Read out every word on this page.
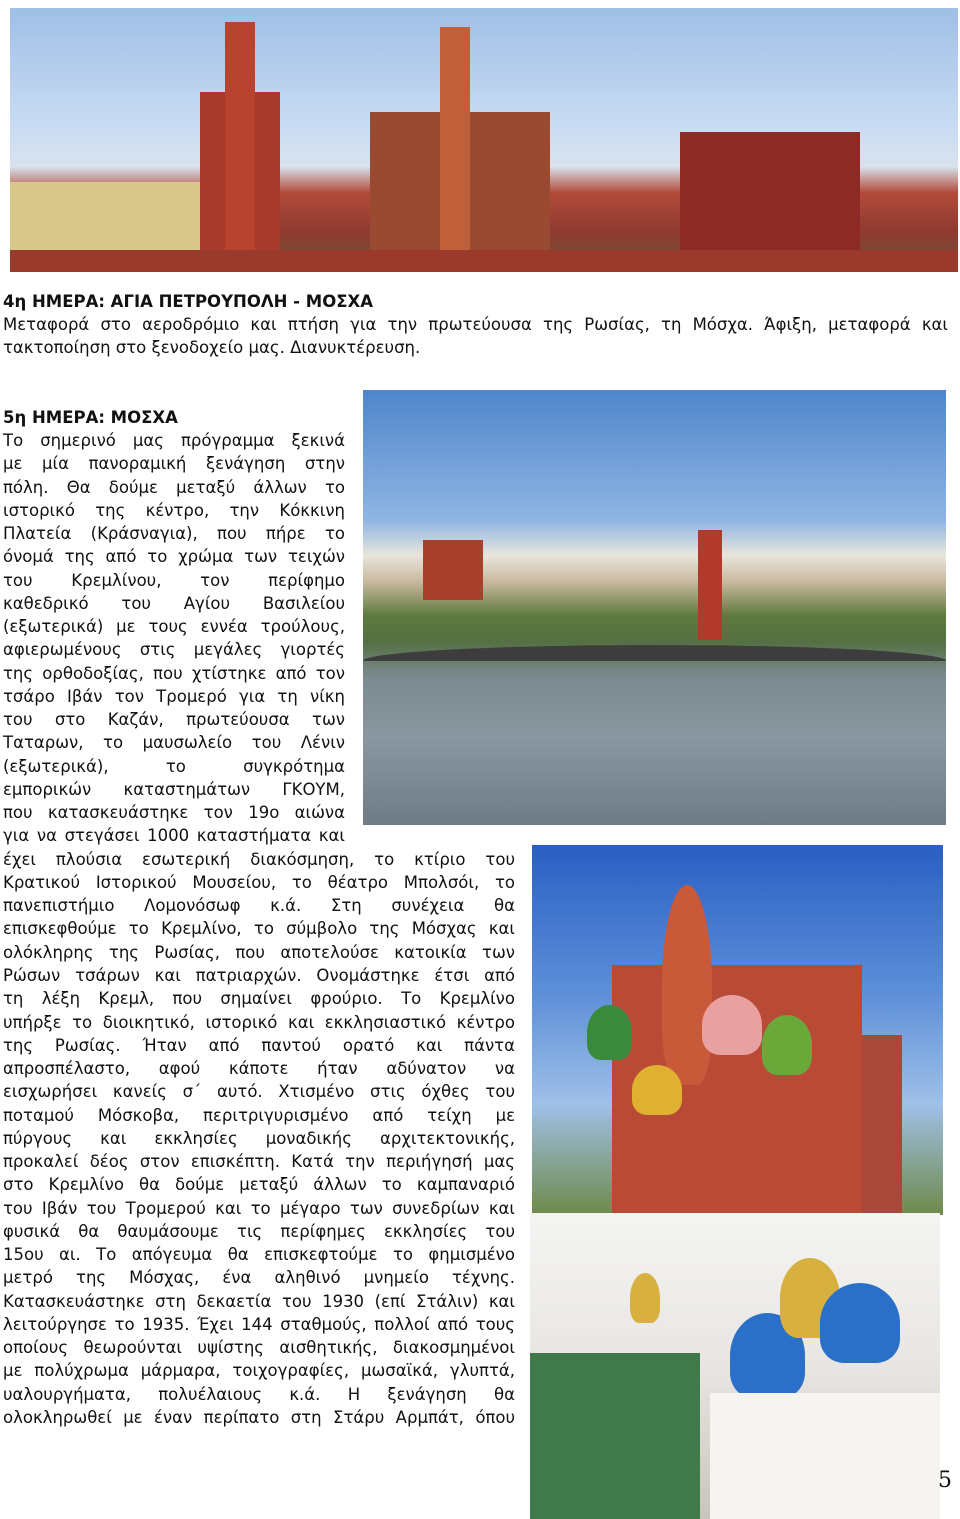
4η ΗΜΕΡΑ: ΑΓΙΑ ΠΕΤΡΟΥΠΟΛΗ - ΜΟΣΧΑ
Μεταφορά στο αεροδρόμιο και πτήση για την πρωτεύουσα της Ρωσίας, τη Μόσχα. Άφιξη, μεταφορά και
τακτοποίηση στο ξενοδοχείο μας. Διανυκτέρευση.
5η ΗΜΕΡΑ: ΜΟΣΧΑ
Το σημερινό μας πρόγραμμα ξεκινά
με μία πανοραμική ξενάγηση στην
πόλη. Θα δούμε μεταξύ άλλων το
ιστορικό της κέντρο, την Κόκκινη
Πλατεία (Κράσναγια), που πήρε το
όνομά της από το χρώμα των τειχών
του Κρεμλίνου, τον περίφημο
καθεδρικό του Αγίου Βασιλείου
(εξωτερικά) με τους εννέα τρούλους,
αφιερωμένους στις μεγάλες γιορτές
της ορθοδοξίας, που χτίστηκε από τον
τσάρο Ιβάν τον Τρομερό για τη νίκη
του στο Καζάν, πρωτεύουσα των
Ταταρων, το μαυσωλείο του Λένιν
(εξωτερικά), το συγκρότημα
εμπορικών καταστημάτων ΓΚΟΥΜ,
που κατασκευάστηκε τον 19ο αιώνα
για να στεγάσει 1000 καταστήματα και
έχει πλούσια εσωτερική διακόσμηση, το κτίριο του
Κρατικού Ιστορικού Μουσείου, το θέατρο Μπολσόι, το
πανεπιστήμιο Λομονόσωφ κ.ά. Στη συνέχεια θα
επισκεφθούμε το Κρεμλίνο, το σύμβολο της Μόσχας και
ολόκληρης της Ρωσίας, που αποτελούσε κατοικία των
Ρώσων τσάρων και πατριαρχών. Ονομάστηκε έτσι από
τη λέξη Κρεμλ, που σημαίνει φρούριο. Το Κρεμλίνο
υπήρξε το διοικητικό, ιστορικό και εκκλησιαστικό κέντρο
της Ρωσίας. Ήταν από παντού ορατό και πάντα
απροσπέλαστο, αφού κάποτε ήταν αδύνατον να
εισχωρήσει κανείς σ΄ αυτό. Χτισμένο στις όχθες του
ποταμού Μόσκοβα, περιτριγυρισμένο από τείχη με
πύργους και εκκλησίες μοναδικής αρχιτεκτονικής,
προκαλεί δέος στον επισκέπτη. Κατά την περιήγησή μας
στο Κρεμλίνο θα δούμε μεταξύ άλλων το καμπαναριό
του Ιβάν του Τρομερού και το μέγαρο των συνεδρίων και
φυσικά θα θαυμάσουμε τις περίφημες εκκλησίες του
15ου αι. Το απόγευμα θα επισκεφτούμε το φημισμένο
μετρό της Μόσχας, ένα αληθινό μνημείο τέχνης.
Κατασκευάστηκε στη δεκαετία του 1930 (επί Στάλιν) και
λειτούργησε το 1935. Έχει 144 σταθμούς, πολλοί από τους
οποίους θεωρούνται υψίστης αισθητικής, διακοσμημένοι
με πολύχρωμα μάρμαρα, τοιχογραφίες, μωσαϊκά, γλυπτά,
υαλουργήματα, πολυέλαιους κ.ά. Η ξενάγηση θα
ολοκληρωθεί με έναν περίπατο στη Στάρυ Αρμπάτ, όπου
5
